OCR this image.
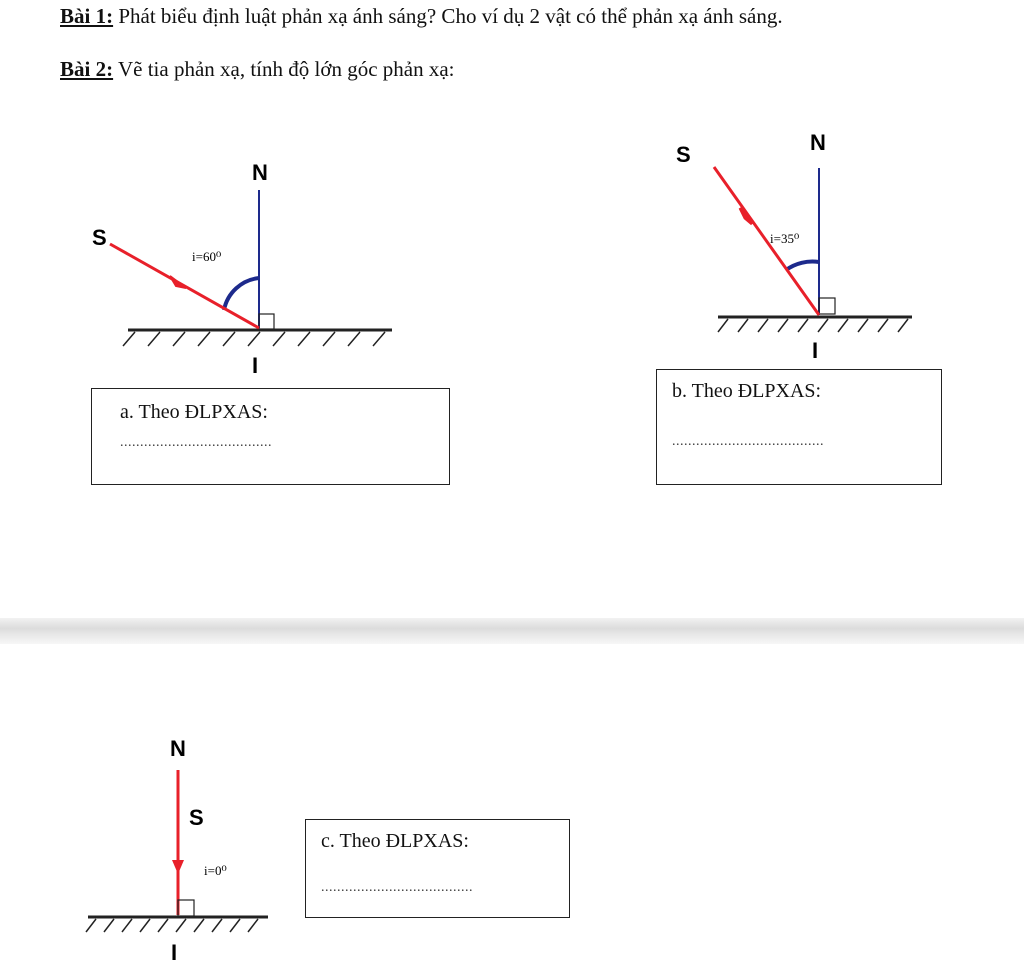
Bài 1: Phát biểu định luật phản xạ ánh sáng? Cho ví dụ 2 vật có thể phản xạ ánh sáng.
Bài 2: Vẽ tia phản xạ, tính độ lớn góc phản xạ:
N
S
I
i=60⁰
S	N
I
i=35⁰
a. Theo ĐLPXAS:
......................................
b. Theo ĐLPXAS:
......................................
N
S
I
i=0⁰
c. Theo ĐLPXAS:
......................................
